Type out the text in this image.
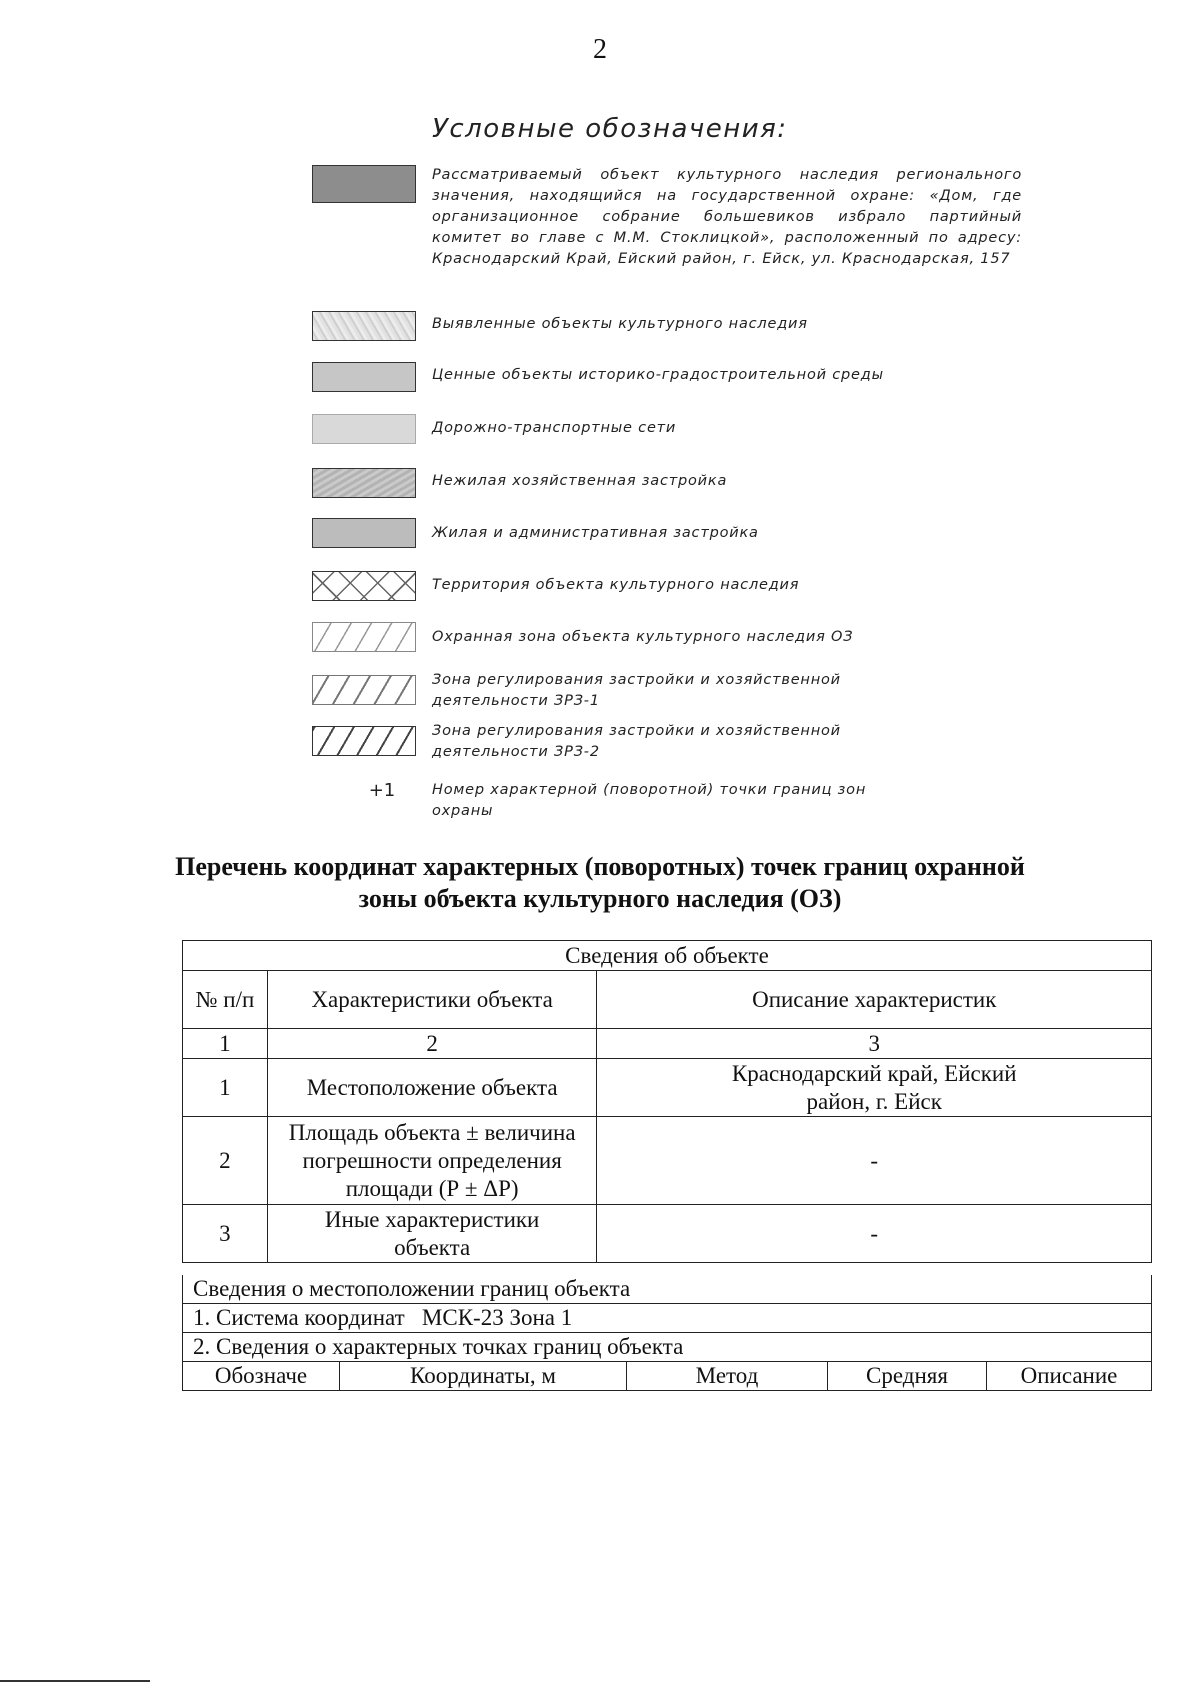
2
Условные обозначения:
Рассматриваемый объект культурного наследия регионального значения, находящийся на государственной охране: «Дом, где организационное собрание большевиков избрало партийный комитет во главе с М.М. Стоклицкой», расположенный по адресу: Краснодарский Край, Ейский район, г. Ейск, ул. Краснодарская, 157
Выявленные объекты культурного наследия
Ценные объекты историко-градостроительной среды
Дорожно-транспортные сети
Нежилая хозяйственная застройка
Жилая и административная застройка
Территория объекта культурного наследия
Охранная зона объекта культурного наследия ОЗ
Зона регулирования застройки и хозяйственной деятельности ЗРЗ-1
Зона регулирования застройки и хозяйственной деятельности ЗРЗ-2
+1	Номер характерной (поворотной) точки границ зон охраны
Перечень координат характерных (поворотных) точек границ охранной
зоны объекта культурного наследия (ОЗ)
Сведения об объекте		
№ п/п	Характеристики объекта	Описание характеристик
1	2	3
1	Местоположение объекта	Краснодарский край, Ейский район, г. Ейск
2	Площадь объекта ± величина погрешности определения площади (Р ± ΔР)	-
3	Иные характеристики объекта	-
Сведения о местоположении границ объекта
1. Система координат   МСК-23 Зона 1
2. Сведения о характерных точках границ объекта
Обозначе	Координаты, м	Метод	Средняя	Описание
